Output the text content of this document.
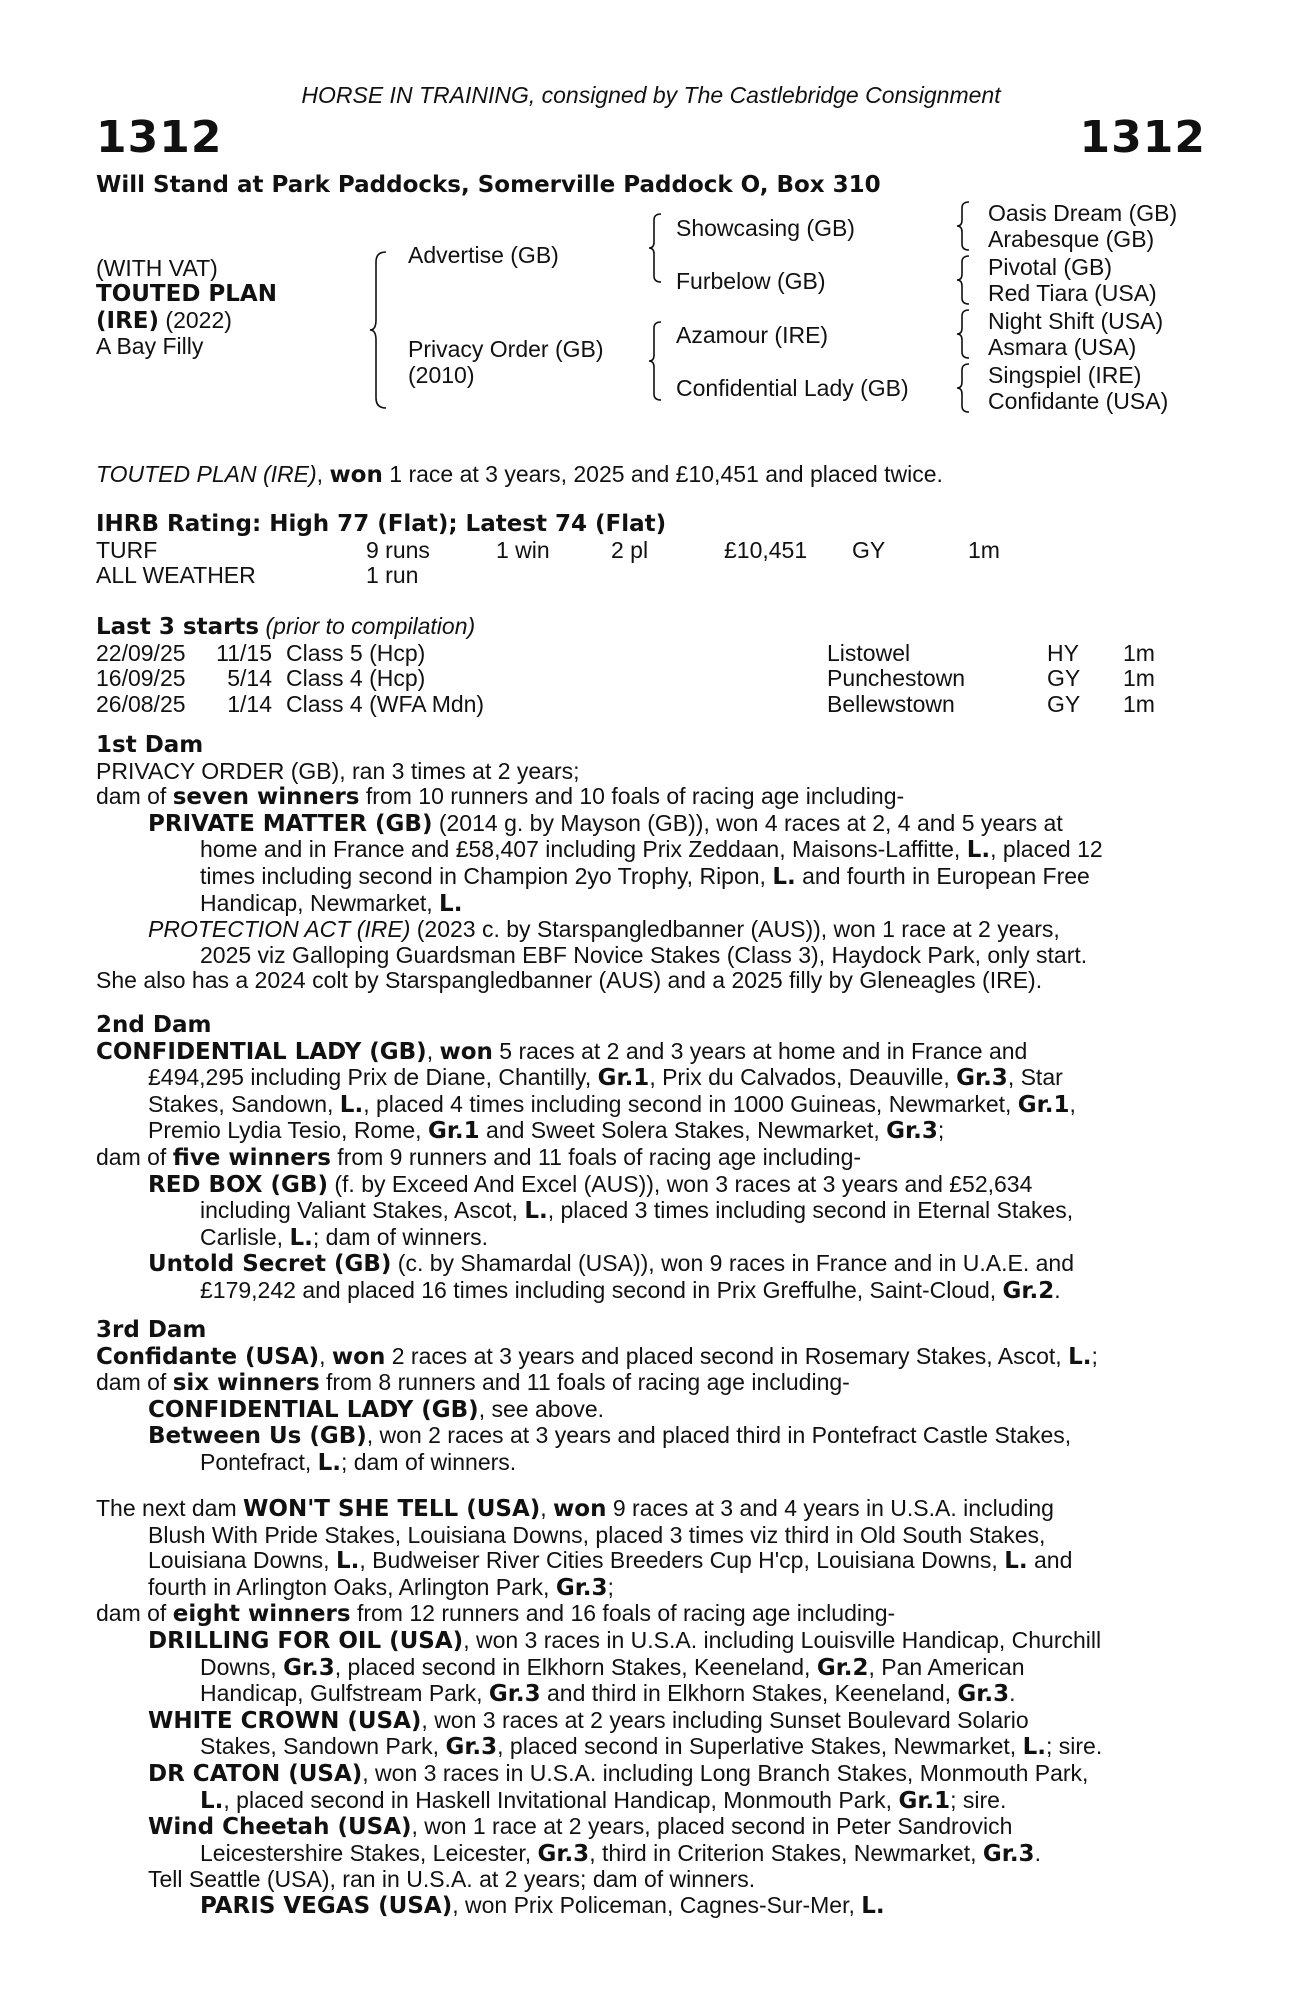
HORSE IN TRAINING, consigned by The Castlebridge Consignment
1312	1312
Will Stand at Park Paddocks, Somerville Paddock O, Box 310
(WITH VAT)
TOUTED PLAN
(IRE) (2022)
A Bay Filly
Advertise (GB)
Privacy Order (GB)
(2010)
Showcasing (GB)
Furbelow (GB)
Azamour (IRE)
Confidential Lady (GB)
Oasis Dream (GB)
Arabesque (GB)
Pivotal (GB)
Red Tiara (USA)
Night Shift (USA)
Asmara (USA)
Singspiel (IRE)
Confidante (USA)
TOUTED PLAN (IRE), won 1 race at 3 years, 2025 and £10,451 and placed twice.
IHRB Rating: High 77 (Flat); Latest 74 (Flat)
TURF	9 runs	1 win	2 pl	£10,451	GY	1m
ALL WEATHER	1 run
Last 3 starts (prior to compilation)
22/09/25	11/15 Class 5 (Hcp)	Listowel	HY	1m
16/09/25	5/14 Class 4 (Hcp)	Punchestown	GY	1m
26/08/25	1/14 Class 4 (WFA Mdn)	Bellewstown	GY	1m
1st Dam
PRIVACY ORDER (GB), ran 3 times at 2 years;
dam of seven winners from 10 runners and 10 foals of racing age including-
PRIVATE MATTER (GB) (2014 g. by Mayson (GB)), won 4 races at 2, 4 and 5 years at
home and in France and £58,407 including Prix Zeddaan, Maisons-Laffitte, L., placed 12
times including second in Champion 2yo Trophy, Ripon, L. and fourth in European Free
Handicap, Newmarket, L.
PROTECTION ACT (IRE) (2023 c. by Starspangledbanner (AUS)), won 1 race at 2 years,
2025 viz Galloping Guardsman EBF Novice Stakes (Class 3), Haydock Park, only start.
She also has a 2024 colt by Starspangledbanner (AUS) and a 2025 filly by Gleneagles (IRE).
2nd Dam
CONFIDENTIAL LADY (GB), won 5 races at 2 and 3 years at home and in France and
£494,295 including Prix de Diane, Chantilly, Gr.1, Prix du Calvados, Deauville, Gr.3, Star
Stakes, Sandown, L., placed 4 times including second in 1000 Guineas, Newmarket, Gr.1,
Premio Lydia Tesio, Rome, Gr.1 and Sweet Solera Stakes, Newmarket, Gr.3;
dam of five winners from 9 runners and 11 foals of racing age including-
RED BOX (GB) (f. by Exceed And Excel (AUS)), won 3 races at 3 years and £52,634
including Valiant Stakes, Ascot, L., placed 3 times including second in Eternal Stakes,
Carlisle, L.; dam of winners.
Untold Secret (GB) (c. by Shamardal (USA)), won 9 races in France and in U.A.E. and
£179,242 and placed 16 times including second in Prix Greffulhe, Saint-Cloud, Gr.2.
3rd Dam
Confidante (USA), won 2 races at 3 years and placed second in Rosemary Stakes, Ascot, L.;
dam of six winners from 8 runners and 11 foals of racing age including-
CONFIDENTIAL LADY (GB), see above.
Between Us (GB), won 2 races at 3 years and placed third in Pontefract Castle Stakes,
Pontefract, L.; dam of winners.
The next dam WON'T SHE TELL (USA), won 9 races at 3 and 4 years in U.S.A. including
Blush With Pride Stakes, Louisiana Downs, placed 3 times viz third in Old South Stakes,
Louisiana Downs, L., Budweiser River Cities Breeders Cup H'cp, Louisiana Downs, L. and
fourth in Arlington Oaks, Arlington Park, Gr.3;
dam of eight winners from 12 runners and 16 foals of racing age including-
DRILLING FOR OIL (USA), won 3 races in U.S.A. including Louisville Handicap, Churchill
Downs, Gr.3, placed second in Elkhorn Stakes, Keeneland, Gr.2, Pan American
Handicap, Gulfstream Park, Gr.3 and third in Elkhorn Stakes, Keeneland, Gr.3.
WHITE CROWN (USA), won 3 races at 2 years including Sunset Boulevard Solario
Stakes, Sandown Park, Gr.3, placed second in Superlative Stakes, Newmarket, L.; sire.
DR CATON (USA), won 3 races in U.S.A. including Long Branch Stakes, Monmouth Park,
L., placed second in Haskell Invitational Handicap, Monmouth Park, Gr.1; sire.
Wind Cheetah (USA), won 1 race at 2 years, placed second in Peter Sandrovich
Leicestershire Stakes, Leicester, Gr.3, third in Criterion Stakes, Newmarket, Gr.3.
Tell Seattle (USA), ran in U.S.A. at 2 years; dam of winners.
PARIS VEGAS (USA), won Prix Policeman, Cagnes-Sur-Mer, L.
